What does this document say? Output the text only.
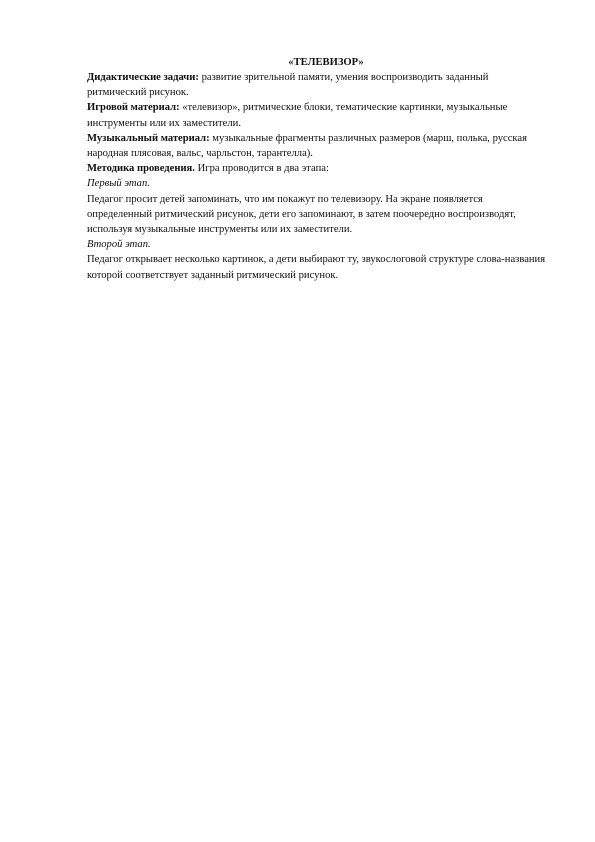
«ТЕЛЕВИЗОР»

Дидактические задачи: развитие зрительной памяти, умения воспроизводить заданный ритмический рисунок.

Игровой материал: «телевизор», ритмические блоки, тематические картинки, музыкальные инструменты или их заместители.

Музыкальный материал: музыкальные фрагменты различных размеров (марш, полька, русская народная плясовая, вальс, чарльстон, тарантелла).

Методика проведения. Игра проводится в два этапа:

Первый этап.

Педагог просит детей запоминать, что им покажут по телевизору. На экране появляется определенный ритмический рисунок, дети его запоминают, в затем поочередно воспроизводят, используя музыкальные инструменты или их заместители.

Второй этап.

Педагог открывает несколько картинок, а дети выбирают ту, звукослоговой структуре слова-названия которой соответствует заданный ритмический рисунок.
